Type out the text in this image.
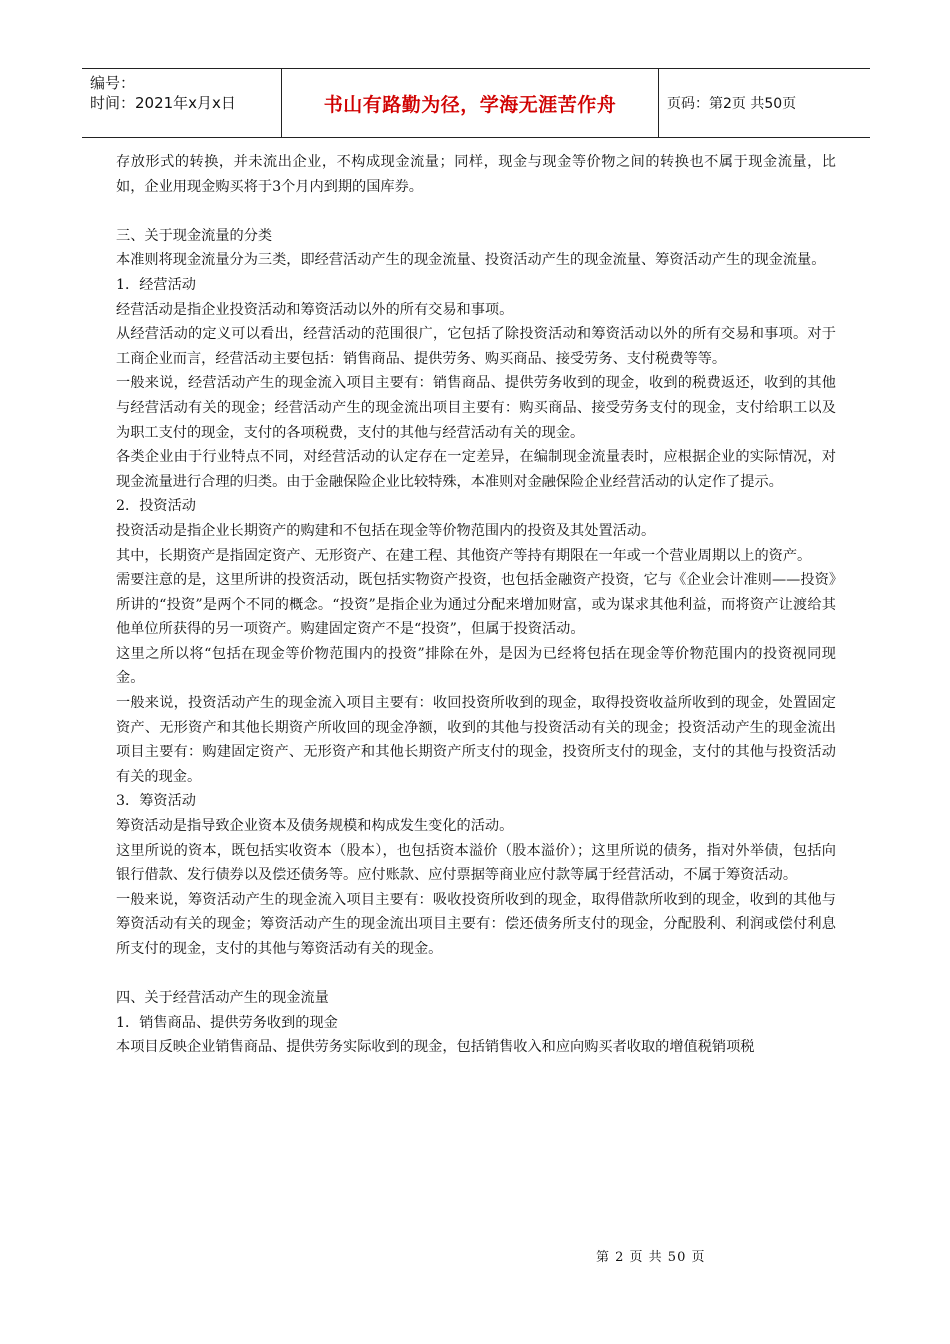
编号：
时间：2021年x月x日	书山有路勤为径，学海无涯苦作舟	页码：第2页 共50页

存放形式的转换，并未流出企业，不构成现金流量；同样，现金与现金等价物之间的转换也不属于现金流量，比如，企业用现金购买将于3个月内到期的国库券。

三、关于现金流量的分类

本准则将现金流量分为三类，即经营活动产生的现金流量、投资活动产生的现金流量、筹资活动产生的现金流量。

1．经营活动

经营活动是指企业投资活动和筹资活动以外的所有交易和事项。

从经营活动的定义可以看出，经营活动的范围很广，它包括了除投资活动和筹资活动以外的所有交易和事项。对于工商企业而言，经营活动主要包括：销售商品、提供劳务、购买商品、接受劳务、支付税费等等。

一般来说，经营活动产生的现金流入项目主要有：销售商品、提供劳务收到的现金，收到的税费返还，收到的其他与经营活动有关的现金；经营活动产生的现金流出项目主要有：购买商品、接受劳务支付的现金，支付给职工以及为职工支付的现金，支付的各项税费，支付的其他与经营活动有关的现金。

各类企业由于行业特点不同，对经营活动的认定存在一定差异，在编制现金流量表时，应根据企业的实际情况，对现金流量进行合理的归类。由于金融保险企业比较特殊，本准则对金融保险企业经营活动的认定作了提示。

2．投资活动

投资活动是指企业长期资产的购建和不包括在现金等价物范围内的投资及其处置活动。

其中，长期资产是指固定资产、无形资产、在建工程、其他资产等持有期限在一年或一个营业周期以上的资产。

需要注意的是，这里所讲的投资活动，既包括实物资产投资，也包括金融资产投资，它与《企业会计准则——投资》所讲的“投资”是两个不同的概念。“投资”是指企业为通过分配来增加财富，或为谋求其他利益，而将资产让渡给其他单位所获得的另一项资产。购建固定资产不是“投资”，但属于投资活动。

这里之所以将“包括在现金等价物范围内的投资”排除在外，是因为已经将包括在现金等价物范围内的投资视同现金。

一般来说，投资活动产生的现金流入项目主要有：收回投资所收到的现金，取得投资收益所收到的现金，处置固定资产、无形资产和其他长期资产所收回的现金净额，收到的其他与投资活动有关的现金；投资活动产生的现金流出项目主要有：购建固定资产、无形资产和其他长期资产所支付的现金，投资所支付的现金，支付的其他与投资活动有关的现金。

3．筹资活动

筹资活动是指导致企业资本及债务规模和构成发生变化的活动。

这里所说的资本，既包括实收资本（股本），也包括资本溢价（股本溢价）；这里所说的债务，指对外举债，包括向银行借款、发行债券以及偿还债务等。应付账款、应付票据等商业应付款等属于经营活动，不属于筹资活动。

一般来说，筹资活动产生的现金流入项目主要有：吸收投资所收到的现金，取得借款所收到的现金，收到的其他与筹资活动有关的现金；筹资活动产生的现金流出项目主要有：偿还债务所支付的现金，分配股利、利润或偿付利息所支付的现金，支付的其他与筹资活动有关的现金。

四、关于经营活动产生的现金流量

1．销售商品、提供劳务收到的现金

本项目反映企业销售商品、提供劳务实际收到的现金，包括销售收入和应向购买者收取的增值税销项税

第 2 页 共 50 页
